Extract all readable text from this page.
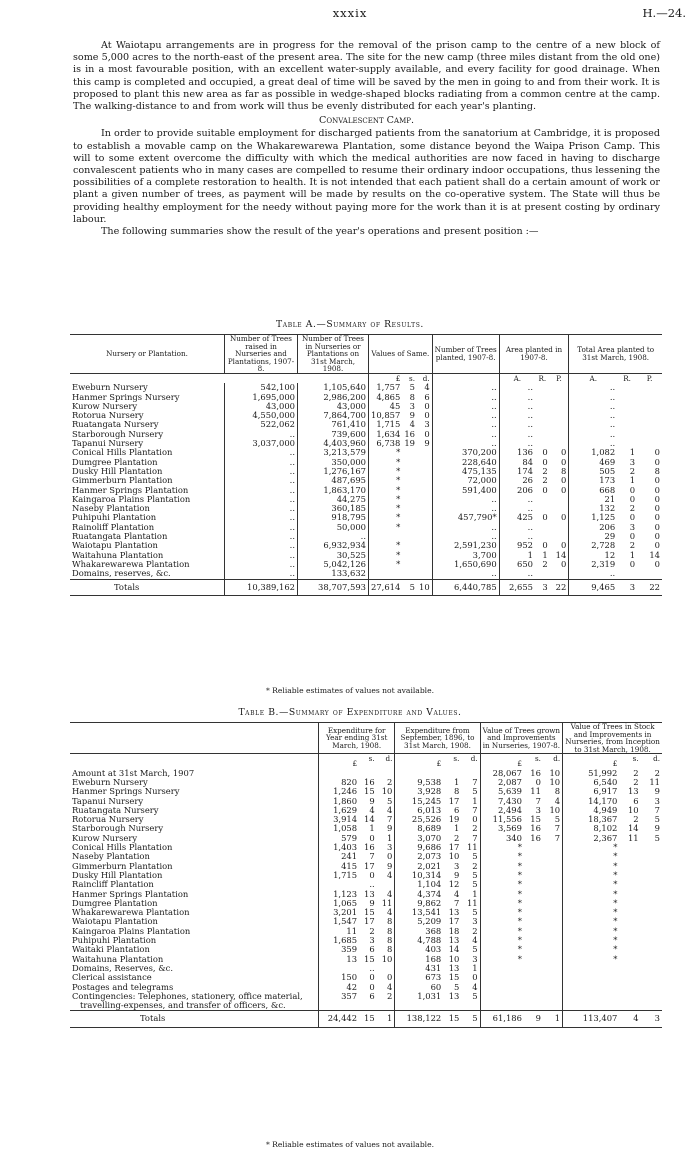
xxxix	H.—24.

At Waiotapu arrangements are in progress for the removal of the prison camp to the centre of a new block of some 5,000 acres to the north-east of the present area. The site for the new camp (three miles distant from the old one) is in a most favourable position, with an excellent water-supply available, and every facility for good drainage. When this camp is completed and occupied, a great deal of time will be saved by the men in going to and from their work. It is proposed to plant this new area as far as possible in wedge-shaped blocks radiating from a common centre at the camp. The walking-distance to and from work will thus be evenly distributed for each year's planting.

Convalescent Camp.

In order to provide suitable employment for discharged patients from the sanatorium at Cambridge, it is proposed to establish a movable camp on the Whakarewarewa Plantation, some distance beyond the Waipa Prison Camp. This will to some extent overcome the difficulty with which the medical authorities are now faced in having to discharge convalescent patients who in many cases are compelled to resume their ordinary indoor occupations, thus lessening the possibilities of a complete restoration to health. It is not intended that each patient shall do a certain amount of work or plant a given number of trees, as payment will be made by results on the co-operative system. The State will thus be providing healthy employment for the needy without paying more for the work than it is at present costing by ordinary labour.

The following summaries show the result of the year's operations and present position :—

Table A.—Summary of Results.
Nursery or Plantation.	Number of Trees raised in Nurseries and Plantations, 1907-8.	Number of Trees in Nurseries or Plantations on 31st March, 1908.	Values of Same.			Number of Trees planted, 1907-8.	Area planted in 1907-8.			Total Area planted to 31st March, 1908.		
			£	s.	d.		A.	R.	P.	A.	R.	P.
Eweburn Nursery	542,100	1,105,640	1,757	5	4	..	..			..		
Hanmer Springs Nursery	1,695,000	2,986,200	4,865	8	6	..	..			..		
Kurow Nursery	43,000	43,000	45	3	0	..	..			..		
Rotorua Nursery	4,550,000	7,864,700	10,857	9	0	..	..			..		
Ruatangata Nursery	522,062	761,410	1,715	4	3	..	..			..		
Starborough Nursery	..	739,600	1,634	16	0	..	..			..		
Tapanui Nursery	3,037,000	4,403,960	6,738	19	9	..	..			..		
Conical Hills Plantation	..	3,213,579	*			370,200	136	0	0	1,082	1	0
Dumgree Plantation	..	350,000	*			228,640	84	0	0	469	3	0
Dusky Hill Plantation	..	1,276,167	*			475,135	174	2	8	505	2	8
Gimmerburn Plantation	..	487,695	*			72,000	26	2	0	173	1	0
Hanmer Springs Plantation	..	1,863,170	*			591,400	206	0	0	668	0	0
Kaingaroa Plains Plantation	..	44,275	*			..	..			21	0	0
Naseby Plantation	..	360,185	*			..	..			132	2	0
Puhipuhi Plantation	..	918,795	*			457,790*	425	0	0	1,125	0	0
Rainoliff Plantation	..	50,000	*			..	..			206	3	0
Ruatangata Plantation	..	..				..	..			29	0	0
Waiotapu Plantation	..	6,932,934	*			2,591,230	952	0	0	2,728	2	0
Waitahuna Plantation	..	30,525	*			3,700	1	1	14	12	1	14
Whakarewarewa Plantation	..	5,042,126	*			1,650,690	650	2	0	2,319	0	0
Domains, reserves, &c.	..	133,632				..	..			..		
Totals	10,389,162	38,707,593	27,614	5	10	6,440,785	2,655	3	22	9,465	3	22
* Reliable estimates of values not available.
Table B.—Summary of Expenditure and Values.
	Expenditure for Year ending 31st March, 1908.			Expenditure from September, 1896, to 31st March, 1908.			Value of Trees grown and Improvements in Nurseries, 1907-8.			Value of Trees in Stock and Improvements in Nurseries, from Inception to 31st March, 1908.		
	£	s.	d.	£	s.	d.	£	s.	d.	£	s.	d.
Amount at 31st March, 1907							28,067	16	10	51,992	2	2
Eweburn Nursery	820	16	2	9,538	1	7	2,087	0	10	6,540	2	11
Hanmer Springs Nursery	1,246	15	10	3,928	8	5	5,639	11	8	6,917	13	9
Tapanui Nursery	1,860	9	5	15,245	17	1	7,430	7	4	14,170	6	3
Ruatangata Nursery	1,629	4	4	6,013	6	7	2,494	3	10	4,949	10	7
Rotorua Nursery	3,914	14	7	25,526	19	0	11,556	15	5	18,367	2	5
Starborough Nursery	1,058	1	9	8,689	1	2	3,569	16	7	8,102	14	9
Kurow Nursery	579	0	1	3,070	2	7	340	16	7	2,367	11	5
Conical Hills Plantation	1,403	16	3	9,686	17	11	*			*		
Naseby Plantation	241	7	0	2,073	10	5	*			*		
Gimmerburn Plantation	415	17	9	2,021	3	2	*			*		
Dusky Hill Plantation	1,715	0	4	10,314	9	5	*			*		
Raincliff Plantation		..		1,104	12	5	*			*		
Hanmer Springs Plantation	1,123	13	4	4,374	4	1	*			*		
Dumgree Plantation	1,065	9	11	9,862	7	11	*			*		
Whakarewarewa Plantation	3,201	15	4	13,541	13	5	*			*		
Waiotapu Plantation	1,547	17	8	5,209	17	3	*			*		
Kaingaroa Plains Plantation	11	2	8	368	18	2	*			*		
Puhipuhi Plantation	1,685	3	8	4,788	13	4	*			*		
Waitaki Plantation	359	6	8	403	14	5	*			*		
Waitahuna Plantation	13	15	10	168	10	3	*			*		
Domains, Reserves, &c.		..		431	13	1						
Clerical assistance	150	0	0	673	15	0						
Postages and telegrams	42	0	4	60	5	4						
Contingencies: Telephones, stationery, office material, travelling-expenses, and transfer of officers, &c.	357	6	2	1,031	13	5						
Totals	24,442	15	1	138,122	15	5	61,186	9	1	113,407	4	3
* Reliable estimates of values not available.
